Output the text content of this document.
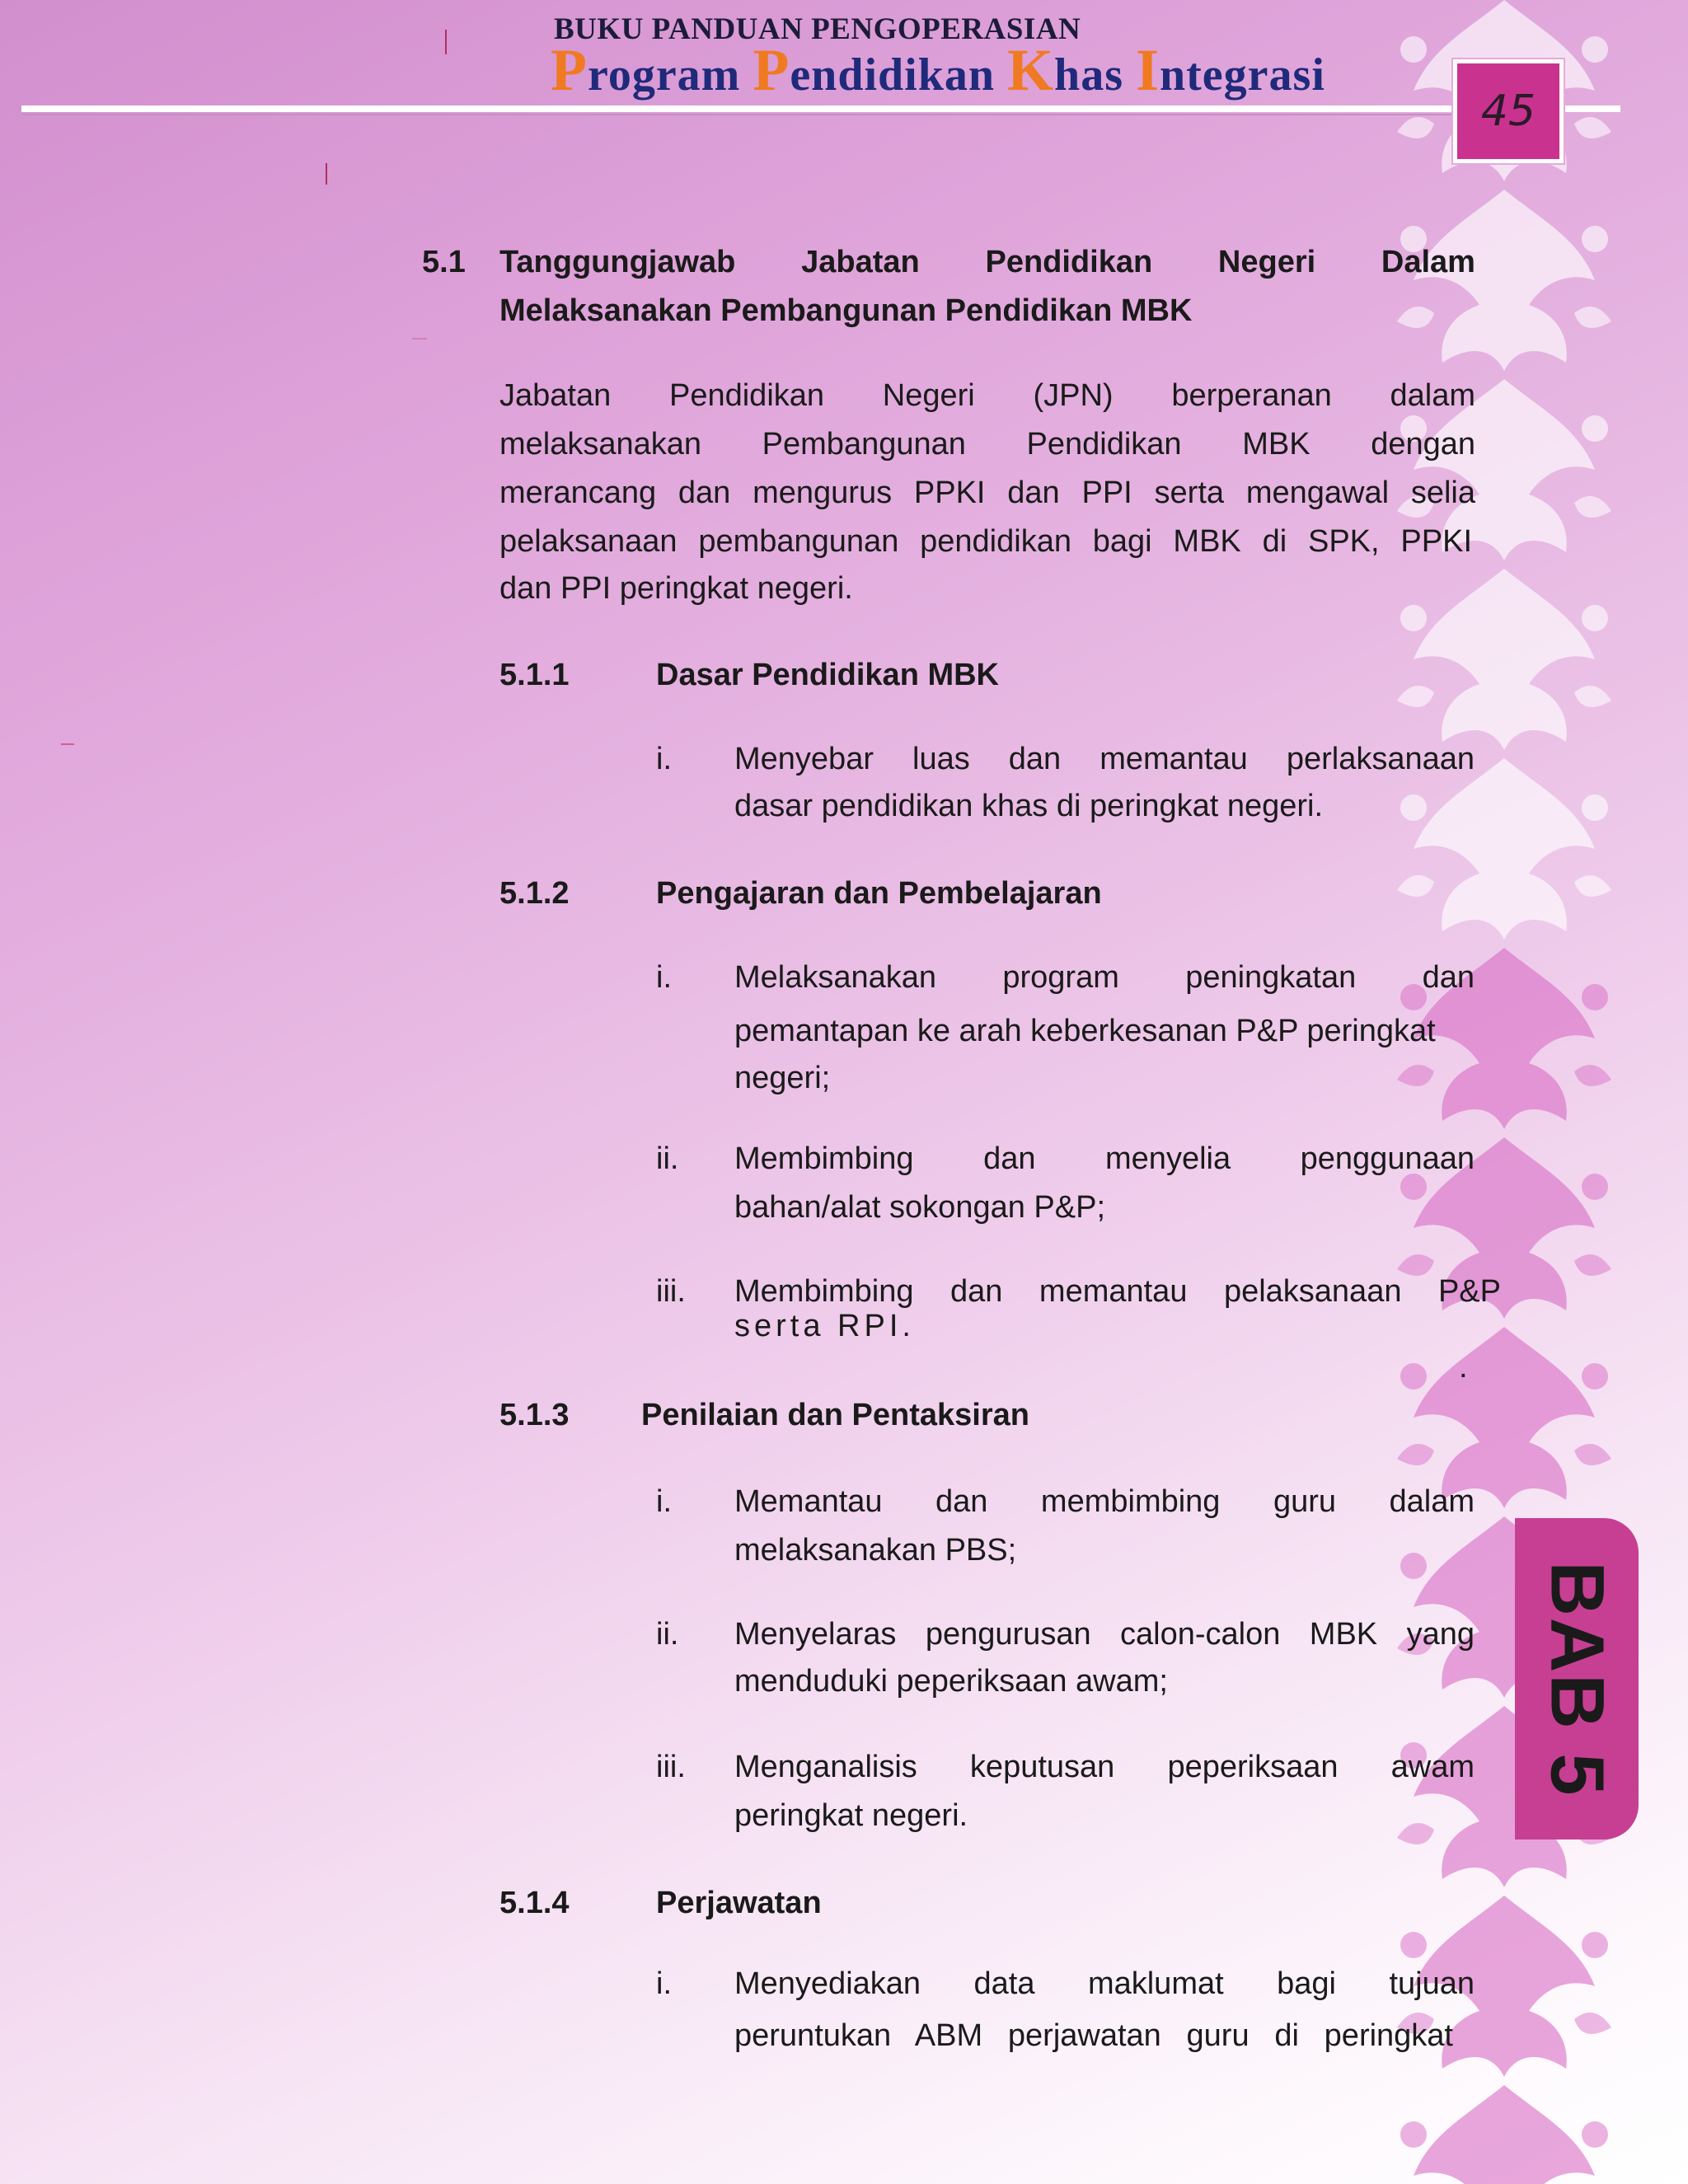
BUKU PANDUAN PENGOPERASIAN
Program Pendidikan Khas Integrasi
45
BAB 5
5.1 Tanggungjawab Jabatan Pendidikan Negeri Dalam
Melaksanakan Pembangunan Pendidikan MBK
Jabatan Pendidikan Negeri (JPN) berperanan dalam
melaksanakan Pembangunan Pendidikan MBK dengan
merancang dan mengurus PPKI dan PPI serta mengawal selia
pelaksanaan pembangunan pendidikan bagi MBK di SPK, PPKI
dan PPI peringkat negeri.
5.1.1	Dasar Pendidikan MBK
i. Menyebar luas dan memantau perlaksanaan
dasar pendidikan khas di peringkat negeri.
5.1.2	Pengajaran dan Pembelajaran
i. Melaksanakan program peningkatan dan
pemantapan ke arah keberkesanan P&P peringkat
negeri;
ii. Membimbing dan menyelia penggunaan
bahan/alat sokongan P&P;
iii. Membimbing dan memantau pelaksanaan P&P
serta RPI.
.
5.1.3 Penilaian dan Pentaksiran
i. Memantau dan membimbing guru dalam
melaksanakan PBS;
ii. Menyelaras pengurusan calon-calon MBK yang
menduduki peperiksaan awam;
iii. Menganalisis keputusan peperiksaan awam
peringkat negeri.
5.1.4	Perjawatan
i. Menyediakan data maklumat bagi tujuan
peruntukan ABM perjawatan guru di peringkat
